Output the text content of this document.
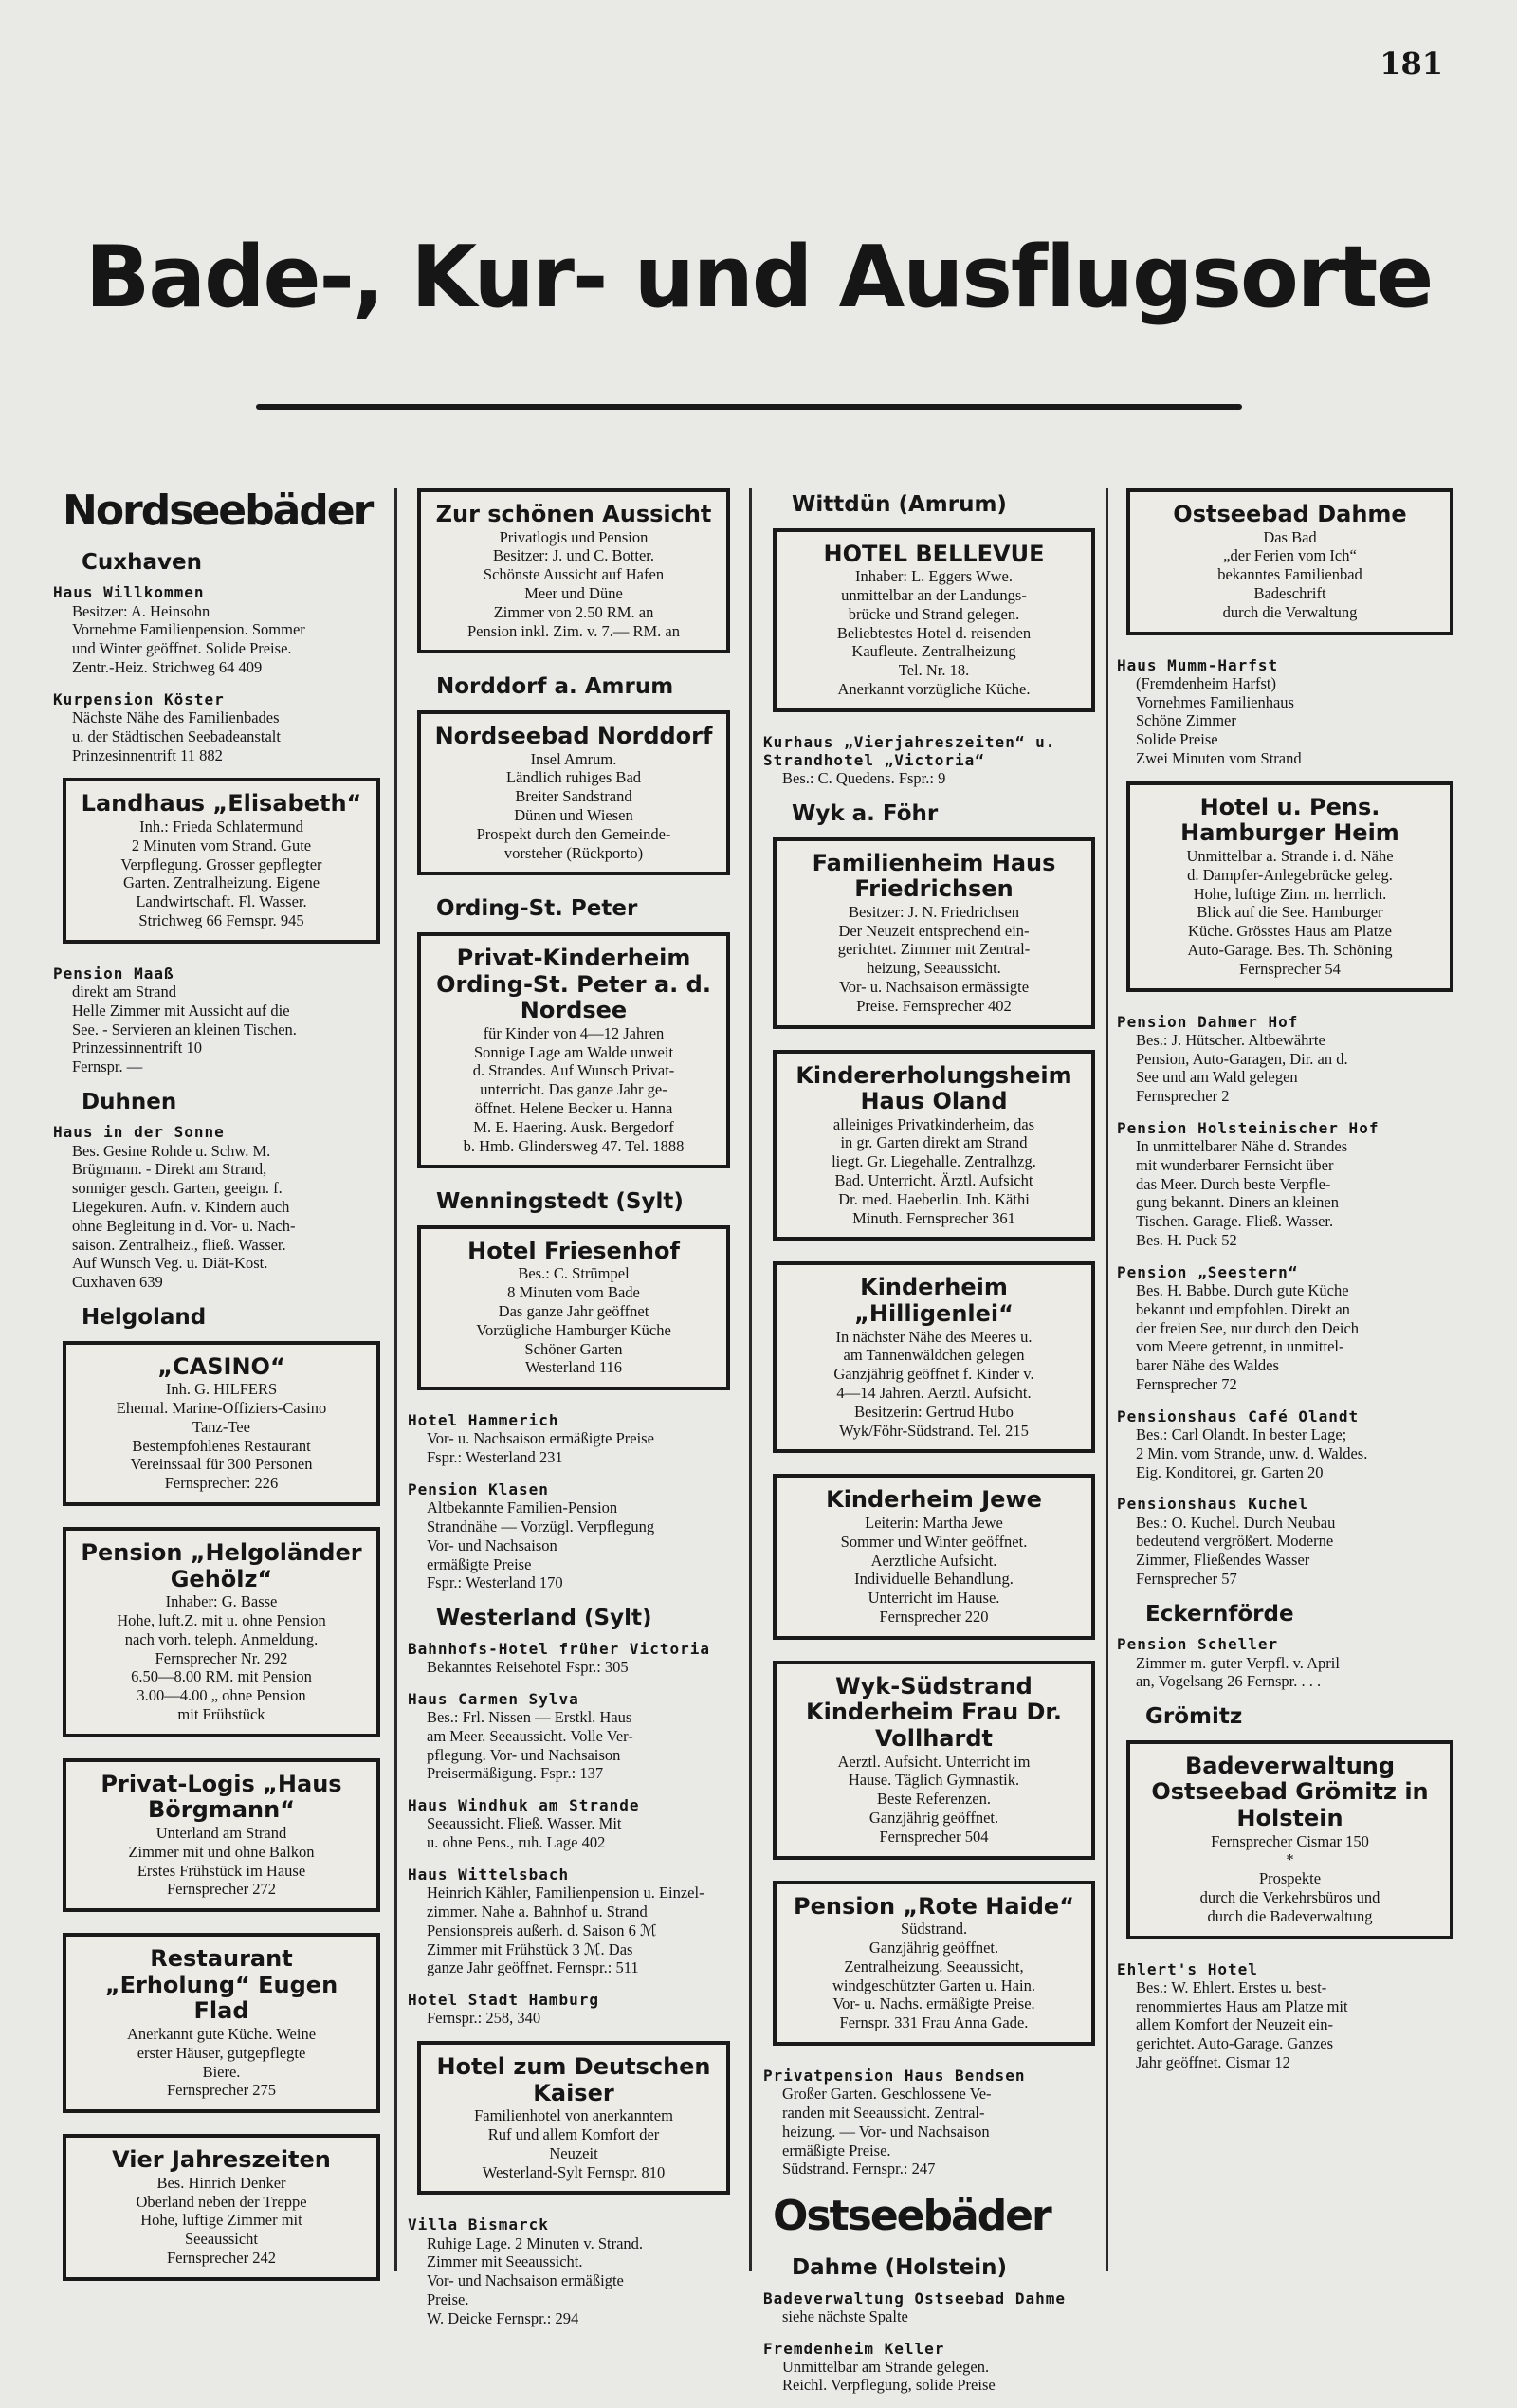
181
Bade-, Kur- und Ausflugsorte
Nordseebäder
Cuxhaven
Haus Willkommen
Besitzer: A. Heinsohn
Vornehme Familienpension. Sommer
und Winter geöffnet. Solide Preise.
Zentr.-Heiz. Strichweg 64 409
Kurpension Köster
Nächste Nähe des Familienbades
u. der Städtischen Seebadeanstalt
Prinzesinnentrift 11 882
Landhaus „Elisabeth“
Inh.: Frieda Schlatermund
2 Minuten vom Strand. Gute
Verpflegung. Grosser gepflegter
Garten. Zentralheizung. Eigene
Landwirtschaft. Fl. Wasser.
Strichweg 66 Fernspr. 945
Pension Maaß
direkt am Strand
Helle Zimmer mit Aussicht auf die
See. - Servieren an kleinen Tischen.
Prinzessinnentrift 10
Fernspr. —
Duhnen
Haus in der Sonne
Bes. Gesine Rohde u. Schw. M.
Brügmann. - Direkt am Strand,
sonniger gesch. Garten, geeign. f.
Liegekuren. Aufn. v. Kindern auch
ohne Begleitung in d. Vor- u. Nach-
saison. Zentralheiz., fließ. Wasser.
Auf Wunsch Veg. u. Diät-Kost.
Cuxhaven 639
Helgoland
„CASINO“
Inh. G. HILFERS
Ehemal. Marine-Offiziers-Casino
Tanz-Tee
Bestempfohlenes Restaurant
Vereinssaal für 300 Personen
Fernsprecher: 226
Pension „Helgoländer Gehölz“
Inhaber: G. Basse
Hohe, luft.Z. mit u. ohne Pension
nach vorh. teleph. Anmeldung.
Fernsprecher Nr. 292
6.50—8.00 RM. mit Pension
3.00—4.00 „ ohne Pension
mit Frühstück
Privat-Logis „Haus Börgmann“
Unterland am Strand
Zimmer mit und ohne Balkon
Erstes Frühstück im Hause
Fernsprecher 272
Restaurant „Erholung“ Eugen Flad
Anerkannt gute Küche. Weine
erster Häuser, gutgepflegte
Biere.
Fernsprecher 275
Vier Jahreszeiten
Bes. Hinrich Denker
Oberland neben der Treppe
Hohe, luftige Zimmer mit
Seeaussicht
Fernsprecher 242
Zur schönen Aussicht
Privatlogis und Pension
Besitzer: J. und C. Botter.
Schönste Aussicht auf Hafen
Meer und Düne
Zimmer von 2.50 RM. an
Pension inkl. Zim. v. 7.— RM. an
Norddorf a. Amrum
Nordseebad Norddorf
Insel Amrum.
Ländlich ruhiges Bad
Breiter Sandstrand
Dünen und Wiesen
Prospekt durch den Gemeinde-
vorsteher (Rückporto)
Ording-St. Peter
Privat-Kinderheim Ording-St. Peter a. d. Nordsee
für Kinder von 4—12 Jahren
Sonnige Lage am Walde unweit
d. Strandes. Auf Wunsch Privat-
unterricht. Das ganze Jahr ge-
öffnet. Helene Becker u. Hanna
M. E. Haering. Ausk. Bergedorf
b. Hmb. Glindersweg 47. Tel. 1888
Wenningstedt (Sylt)
Hotel Friesenhof
Bes.: C. Strümpel
8 Minuten vom Bade
Das ganze Jahr geöffnet
Vorzügliche Hamburger Küche
Schöner Garten
Westerland 116
Hotel Hammerich
Vor- u. Nachsaison ermäßigte Preise
Fspr.: Westerland 231
Pension Klasen
Altbekannte Familien-Pension
Strandnähe — Vorzügl. Verpflegung
Vor- und Nachsaison
ermäßigte Preise
Fspr.: Westerland 170
Westerland (Sylt)
Bahnhofs-Hotel früher Victoria
Bekanntes Reisehotel Fspr.: 305
Haus Carmen Sylva
Bes.: Frl. Nissen — Erstkl. Haus
am Meer. Seeaussicht. Volle Ver-
pflegung. Vor- und Nachsaison
Preisermäßigung. Fspr.: 137
Haus Windhuk am Strande
Seeaussicht. Fließ. Wasser. Mit
u. ohne Pens., ruh. Lage 402
Haus Wittelsbach
Heinrich Kähler, Familienpension u. Einzel-
zimmer. Nahe a. Bahnhof u. Strand
Pensionspreis außerh. d. Saison 6 ℳ
Zimmer mit Frühstück 3 ℳ. Das
ganze Jahr geöffnet. Fernspr.: 511
Hotel Stadt Hamburg
Fernspr.: 258, 340
Hotel zum Deutschen Kaiser
Familienhotel von anerkanntem
Ruf und allem Komfort der
Neuzeit
Westerland-Sylt Fernspr. 810
Villa Bismarck
Ruhige Lage. 2 Minuten v. Strand.
Zimmer mit Seeaussicht.
Vor- und Nachsaison ermäßigte
Preise.
W. Deicke Fernspr.: 294
Wittdün (Amrum)
HOTEL BELLEVUE
Inhaber: L. Eggers Wwe.
unmittelbar an der Landungs-
brücke und Strand gelegen.
Beliebtestes Hotel d. reisenden
Kaufleute. Zentralheizung
Tel. Nr. 18.
Anerkannt vorzügliche Küche.
Kurhaus „Vierjahreszeiten“ u. Strandhotel „Victoria“
Bes.: C. Quedens. Fspr.: 9
Wyk a. Föhr
Familienheim Haus Friedrichsen
Besitzer: J. N. Friedrichsen
Der Neuzeit entsprechend ein-
gerichtet. Zimmer mit Zentral-
heizung, Seeaussicht.
Vor- u. Nachsaison ermässigte
Preise. Fernsprecher 402
Kindererholungsheim Haus Oland
alleiniges Privatkinderheim, das
in gr. Garten direkt am Strand
liegt. Gr. Liegehalle. Zentralhzg.
Bad. Unterricht. Ärztl. Aufsicht
Dr. med. Haeberlin. Inh. Käthi
Minuth. Fernsprecher 361
Kinderheim „Hilligenlei“
In nächster Nähe des Meeres u.
am Tannenwäldchen gelegen
Ganzjährig geöffnet f. Kinder v.
4—14 Jahren. Aerztl. Aufsicht.
Besitzerin: Gertrud Hubo
Wyk/Föhr-Südstrand. Tel. 215
Kinderheim Jewe
Leiterin: Martha Jewe
Sommer und Winter geöffnet.
Aerztliche Aufsicht.
Individuelle Behandlung.
Unterricht im Hause.
Fernsprecher 220
Wyk-Südstrand Kinderheim Frau Dr. Vollhardt
Aerztl. Aufsicht. Unterricht im
Hause. Täglich Gymnastik.
Beste Referenzen.
Ganzjährig geöffnet.
Fernsprecher 504
Pension „Rote Haide“
Südstrand.
Ganzjährig geöffnet.
Zentralheizung. Seeaussicht,
windgeschützter Garten u. Hain.
Vor- u. Nachs. ermäßigte Preise.
Fernspr. 331 Frau Anna Gade.
Privatpension Haus Bendsen
Großer Garten. Geschlossene Ve-
randen mit Seeaussicht. Zentral-
heizung. — Vor- und Nachsaison
ermäßigte Preise.
Südstrand. Fernspr.: 247
Ostseebäder
Dahme (Holstein)
Badeverwaltung Ostseebad Dahme
siehe nächste Spalte
Fremdenheim Keller
Unmittelbar am Strande gelegen.
Reichl. Verpflegung, solide Preise
Ostseebad Dahme
Das Bad
„der Ferien vom Ich“
bekanntes Familienbad
Badeschrift
durch die Verwaltung
Haus Mumm-Harfst
(Fremdenheim Harfst)
Vornehmes Familienhaus
Schöne Zimmer
Solide Preise
Zwei Minuten vom Strand
Hotel u. Pens. Hamburger Heim
Unmittelbar a. Strande i. d. Nähe
d. Dampfer-Anlegebrücke geleg.
Hohe, luftige Zim. m. herrlich.
Blick auf die See. Hamburger
Küche. Grösstes Haus am Platze
Auto-Garage. Bes. Th. Schöning
Fernsprecher 54
Pension Dahmer Hof
Bes.: J. Hütscher. Altbewährte
Pension, Auto-Garagen, Dir. an d.
See und am Wald gelegen
Fernsprecher 2
Pension Holsteinischer Hof
In unmittelbarer Nähe d. Strandes
mit wunderbarer Fernsicht über
das Meer. Durch beste Verpfle-
gung bekannt. Diners an kleinen
Tischen. Garage. Fließ. Wasser.
Bes. H. Puck 52
Pension „Seestern“
Bes. H. Babbe. Durch gute Küche
bekannt und empfohlen. Direkt an
der freien See, nur durch den Deich
vom Meere getrennt, in unmittel-
barer Nähe des Waldes
Fernsprecher 72
Pensionshaus Café Olandt
Bes.: Carl Olandt. In bester Lage;
2 Min. vom Strande, unw. d. Waldes.
Eig. Konditorei, gr. Garten 20
Pensionshaus Kuchel
Bes.: O. Kuchel. Durch Neubau
bedeutend vergrößert. Moderne
Zimmer, Fließendes Wasser
Fernsprecher 57
Eckernförde
Pension Scheller
Zimmer m. guter Verpfl. v. April
an, Vogelsang 26 Fernspr. . . .
Grömitz
Badeverwaltung Ostseebad Grömitz in Holstein
Fernsprecher Cismar 150
*
Prospekte
durch die Verkehrsbüros und
durch die Badeverwaltung
Ehlert's Hotel
Bes.: W. Ehlert. Erstes u. best-
renommiertes Haus am Platze mit
allem Komfort der Neuzeit ein-
gerichtet. Auto-Garage. Ganzes
Jahr geöffnet. Cismar 12
